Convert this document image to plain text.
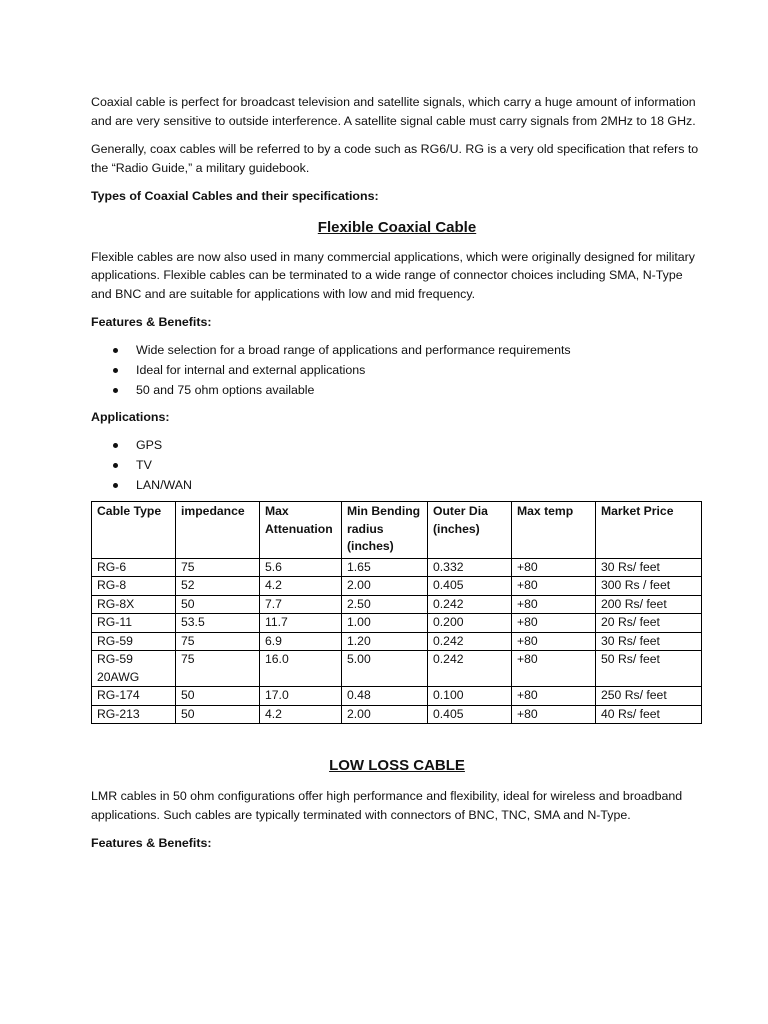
Coaxial cable is perfect for broadcast television and satellite signals, which carry a huge amount of information and are very sensitive to outside interference. A satellite signal cable must carry signals from 2MHz to 18 GHz.

Generally, coax cables will be referred to by a code such as RG6/U. RG is a very old specification that refers to the “Radio Guide,” a military guidebook.

Types of Coaxial Cables and their specifications:

Flexible Coaxial Cable

Flexible cables are now also used in many commercial applications, which were originally designed for military applications. Flexible cables can be terminated to a wide range of connector choices including SMA, N-Type and BNC and are suitable for applications with low and mid frequency.

Features & Benefits:

Wide selection for a broad range of applications and performance requirements
Ideal for internal and external applications
50 and 75 ohm options available

Applications:

GPS
TV
LAN/WAN
Cable Type	impedance	Max Attenuation	Min Bending radius (inches)	Outer Dia (inches)	Max temp	Market Price
RG-6	75	5.6	1.65	0.332	+80	30 Rs/ feet
RG-8	52	4.2	2.00	0.405	+80	300 Rs / feet
RG-8X	50	7.7	2.50	0.242	+80	200 Rs/ feet
RG-11	53.5	11.7	1.00	0.200	+80	20 Rs/ feet
RG-59	75	6.9	1.20	0.242	+80	30 Rs/ feet
RG-59 20AWG	75	16.0	5.00	0.242	+80	50 Rs/ feet
RG-174	50	17.0	0.48	0.100	+80	250 Rs/ feet
RG-213	50	4.2	2.00	0.405	+80	40 Rs/ feet
LOW LOSS CABLE

LMR cables in 50 ohm configurations offer high performance and flexibility, ideal for wireless and broadband applications. Such cables are typically terminated with connectors of BNC, TNC, SMA and N-Type.

Features & Benefits:
